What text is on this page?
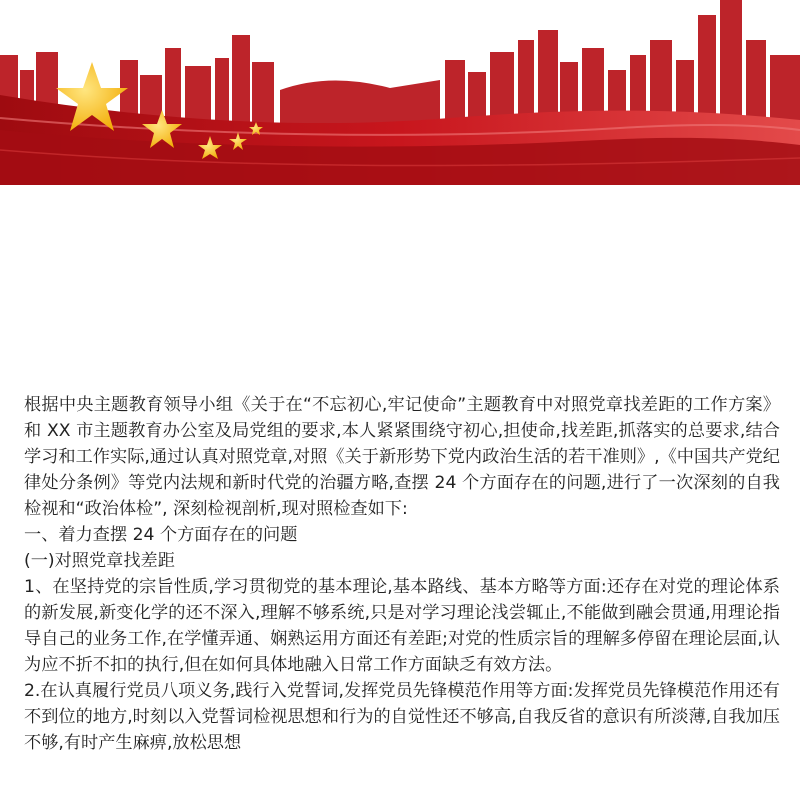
根据中央主题教育领导小组《关于在“不忘初心,牢记使命”主题教育中对照党章找差距的工作方案》和 XX 市主题教育办公室及局党组的要求,本人紧紧围绕守初心,担使命,找差距,抓落实的总要求,结合学习和工作实际,通过认真对照党章,对照《关于新形势下党内政治生活的若干准则》,《中国共产党纪律处分条例》等党内法规和新时代党的治疆方略,查摆 24 个方面存在的问题,进行了一次深刻的自我检视和“政治体检”, 深刻检视剖析,现对照检查如下:

一、着力查摆 24 个方面存在的问题

(一)对照党章找差距

1、在坚持党的宗旨性质,学习贯彻党的基本理论,基本路线、基本方略等方面:还存在对党的理论体系的新发展,新变化学的还不深入,理解不够系统,只是对学习理论浅尝辄止,不能做到融会贯通,用理论指导自己的业务工作,在学懂弄通、娴熟运用方面还有差距;对党的性质宗旨的理解多停留在理论层面,认为应不折不扣的执行,但在如何具体地融入日常工作方面缺乏有效方法。

2.在认真履行党员八项义务,践行入党誓词,发挥党员先锋模范作用等方面:发挥党员先锋模范作用还有不到位的地方,时刻以入党誓词检视思想和行为的自觉性还不够高,自我反省的意识有所淡薄,自我加压不够,有时产生麻痹,放松思想
